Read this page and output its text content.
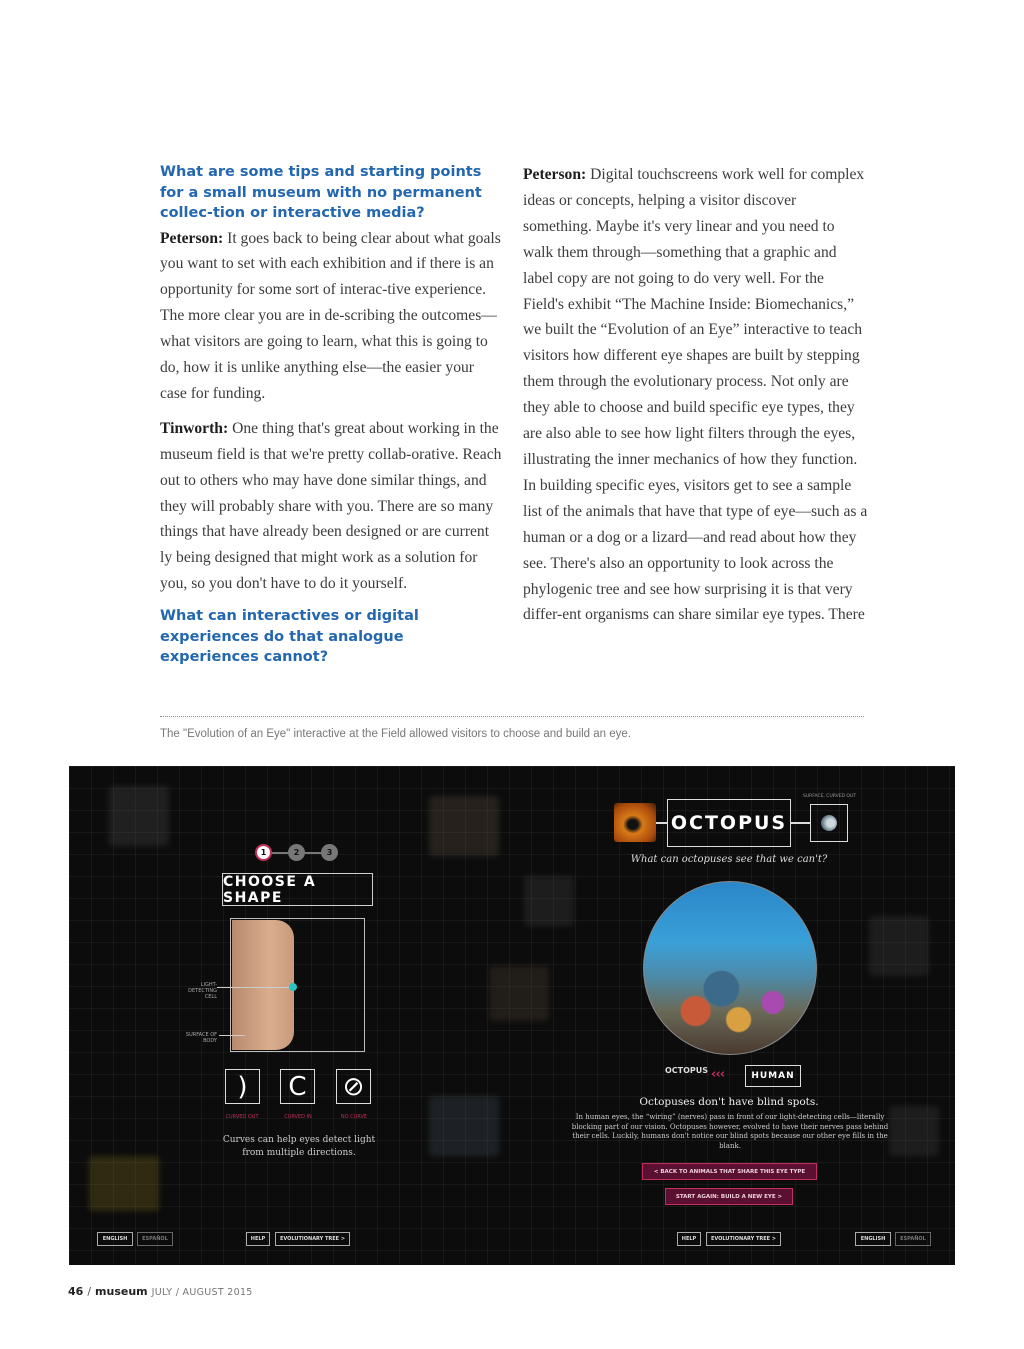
What are some tips and starting points for a small museum with no permanent collec-tion or interactive media?

Peterson: It goes back to being clear about what goals you want to set with each exhibition and if there is an opportunity for some sort of interac-tive experience. The more clear you are in de-scribing the outcomes—what visitors are going to learn, what this is going to do, how it is unlike anything else—the easier your case for funding.

Tinworth: One thing that's great about working in the museum field is that we're pretty collab-orative. Reach out to others who may have done similar things, and they will probably share with you. There are so many things that have already been designed or are current ly being designed that might work as a solution for you, so you don't have to do it yourself.

What can interactives or digital experiences do that analogue experiences cannot?

Peterson: Digital touchscreens work well for complex ideas or concepts, helping a visitor discover something. Maybe it's very linear and you need to walk them through—something that a graphic and label copy are not going to do very well. For the Field's exhibit “The Machine Inside: Biomechanics,” we built the “Evolution of an Eye” interactive to teach visitors how different eye shapes are built by stepping them through the evolutionary process. Not only are they able to choose and build specific eye types, they are also able to see how light filters through the eyes, illustrating the inner mechanics of how they function. In building specific eyes, visitors get to see a sample list of the animals that have that type of eye—such as a human or a dog or a lizard—and read about how they see. There's also an opportunity to look across the phylogenic tree and see how surprising it is that very differ-ent organisms can share similar eye types. There

The "Evolution of an Eye" interactive at the Field allowed visitors to choose and build an eye.
1	2	3
CHOOSE A SHAPE
LIGHT-DETECTING CELL
SURFACE OF BODY
) C ⊘
CURVED OUT	CURVED IN	NO CURVE
Curves can help eyes detect light from multiple directions.
ENGLISH	ESPAÑOL	HELP	EVOLUTIONARY TREE >
SURFACE, CURVED OUT
OCTOPUS
What can octopuses see that we can't?
OCTOPUS ‹‹‹	HUMAN
Octopuses don't have blind spots.
In human eyes, the “wiring” (nerves) pass in front of our light-detecting cells—literally blocking part of our vision. Octopuses however, evolved to have their nerves pass behind their cells. Luckily, humans don't notice our blind spots because our other eye fills in the blank.
< BACK TO ANIMALS THAT SHARE THIS EYE TYPE
START AGAIN: BUILD A NEW EYE >
HELP	EVOLUTIONARY TREE >	ENGLISH	ESPAÑOL
46 / museum JULY / AUGUST 2015
